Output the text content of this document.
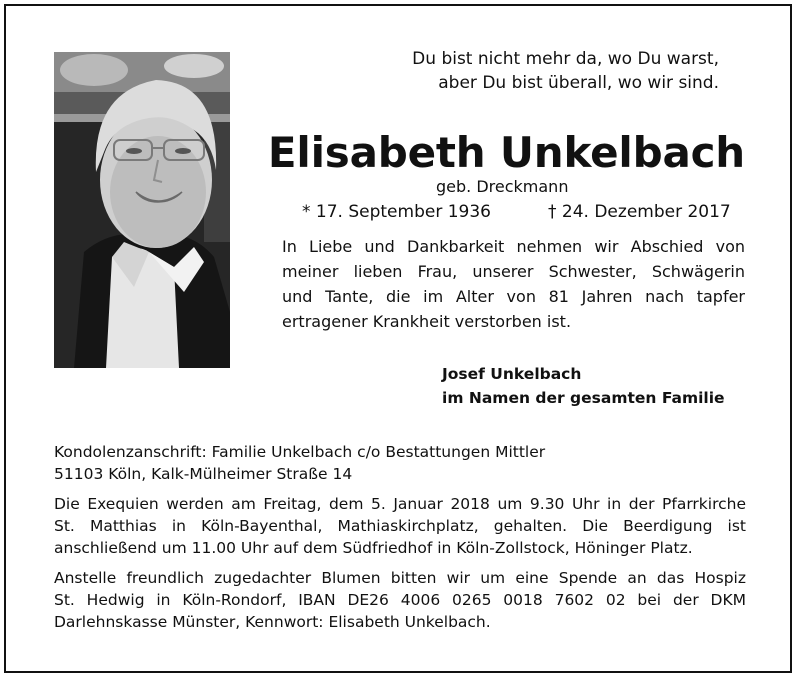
Du bist nicht mehr da, wo Du warst,
aber Du bist überall, wo wir sind.
Elisabeth Unkelbach
geb. Dreckmann
* 17. September 1936	† 24. Dezember 2017
In Liebe und Dankbarkeit nehmen wir Abschied von
meiner lieben Frau, unserer Schwester, Schwägerin
und Tante, die im Alter von 81 Jahren nach tapfer
ertragener Krankheit verstorben ist.
Josef Unkelbach
im Namen der gesamten Familie
Kondolenzanschrift: Familie Unkelbach c/o Bestattungen Mittler
51103 Köln, Kalk-Mülheimer Straße 14
Die Exequien werden am Freitag, dem 5. Januar 2018 um 9.30 Uhr in der Pfarrkirche
St. Matthias in Köln-Bayenthal, Mathiaskirchplatz, gehalten. Die Beerdigung ist
anschließend um 11.00 Uhr auf dem Südfriedhof in Köln-Zollstock, Höninger Platz.
Anstelle freundlich zugedachter Blumen bitten wir um eine Spende an das Hospiz
St. Hedwig in Köln-Rondorf, IBAN DE26 4006 0265 0018 7602 02 bei der DKM
Darlehnskasse Münster, Kennwort: Elisabeth Unkelbach.
